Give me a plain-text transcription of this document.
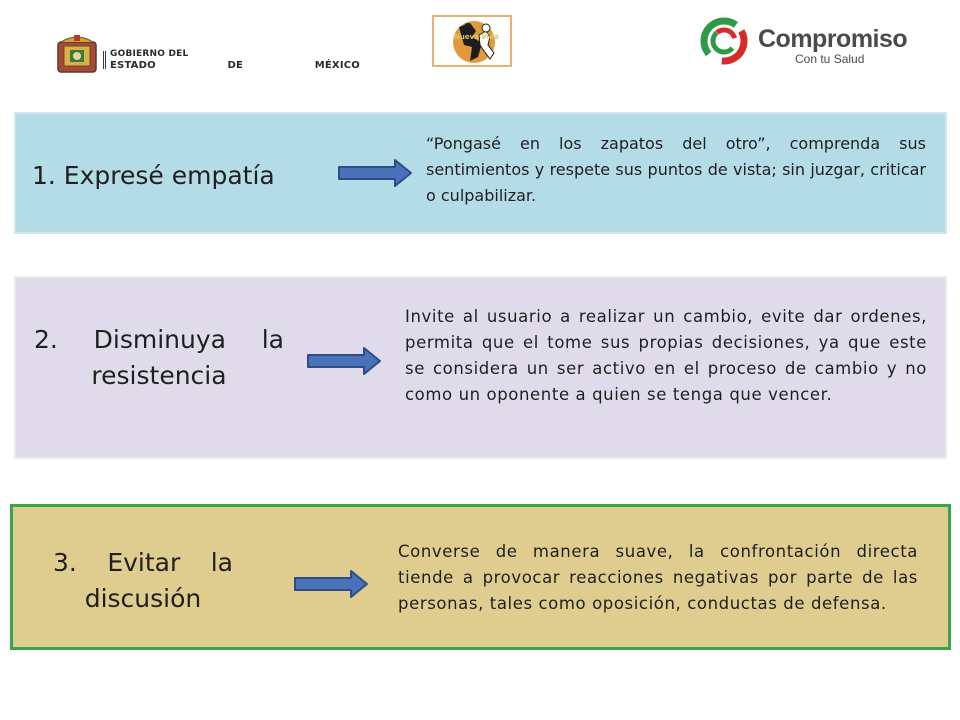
GOBIERNO DEL
ESTADO DE MÉXICO
Nueva Vida	Compromiso
Con tu Salud
1. Expresé empatía
“Pongasé en los zapatos del otro”, comprenda sus sentimientos y respete sus puntos de vista; sin juzgar, criticar o culpabilizar.
2. Disminuya la
resistencia
Invite al usuario a realizar un cambio, evite dar ordenes, permita que el tome sus propias decisiones, ya que este se considera un ser activo en el proceso de cambio y no como un oponente a quien se tenga que vencer.
3. Evitar la
discusión
Converse de manera suave, la confrontación directa tiende a provocar reacciones negativas por parte de las personas, tales como oposición, conductas de defensa.
